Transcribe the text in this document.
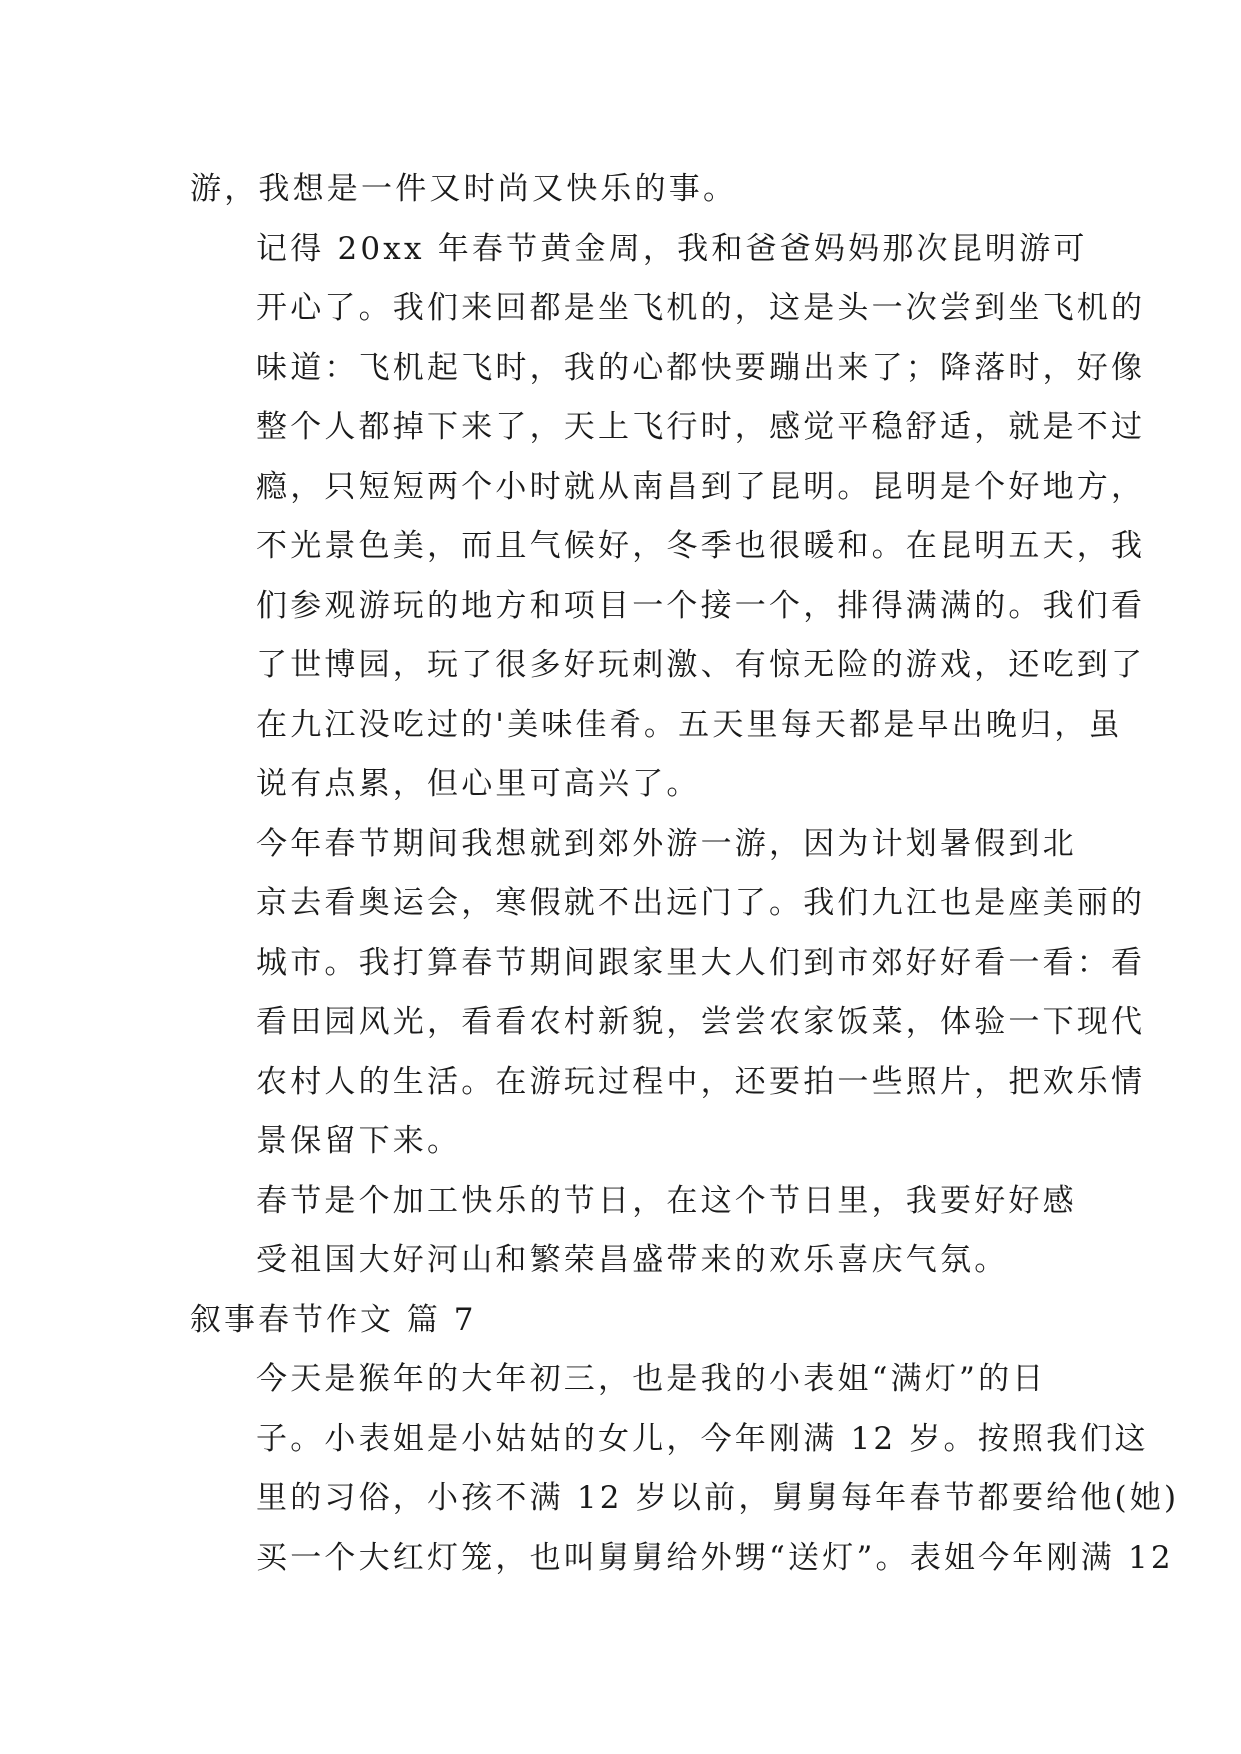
游，我想是一件又时尚又快乐的事。

记得 20xx 年春节黄金周，我和爸爸妈妈那次昆明游可
开心了。我们来回都是坐飞机的，这是头一次尝到坐飞机的
味道：飞机起飞时，我的心都快要蹦出来了；降落时，好像
整个人都掉下来了，天上飞行时，感觉平稳舒适，就是不过
瘾，只短短两个小时就从南昌到了昆明。昆明是个好地方，
不光景色美，而且气候好，冬季也很暖和。在昆明五天，我
们参观游玩的地方和项目一个接一个，排得满满的。我们看
了世博园，玩了很多好玩刺激、有惊无险的游戏，还吃到了
在九江没吃过的'美味佳肴。五天里每天都是早出晚归，虽
说有点累，但心里可高兴了。

今年春节期间我想就到郊外游一游，因为计划暑假到北
京去看奥运会，寒假就不出远门了。我们九江也是座美丽的
城市。我打算春节期间跟家里大人们到市郊好好看一看：看
看田园风光，看看农村新貌，尝尝农家饭菜，体验一下现代
农村人的生活。在游玩过程中，还要拍一些照片，把欢乐情
景保留下来。

春节是个加工快乐的节日，在这个节日里，我要好好感
受祖国大好河山和繁荣昌盛带来的欢乐喜庆气氛。

叙事春节作文 篇 7

今天是猴年的大年初三，也是我的小表姐“满灯”的日
子。小表姐是小姑姑的女儿，今年刚满 12 岁。按照我们这
里的习俗，小孩不满 12 岁以前，舅舅每年春节都要给他(她)
买一个大红灯笼，也叫舅舅给外甥“送灯”。表姐今年刚满 12
